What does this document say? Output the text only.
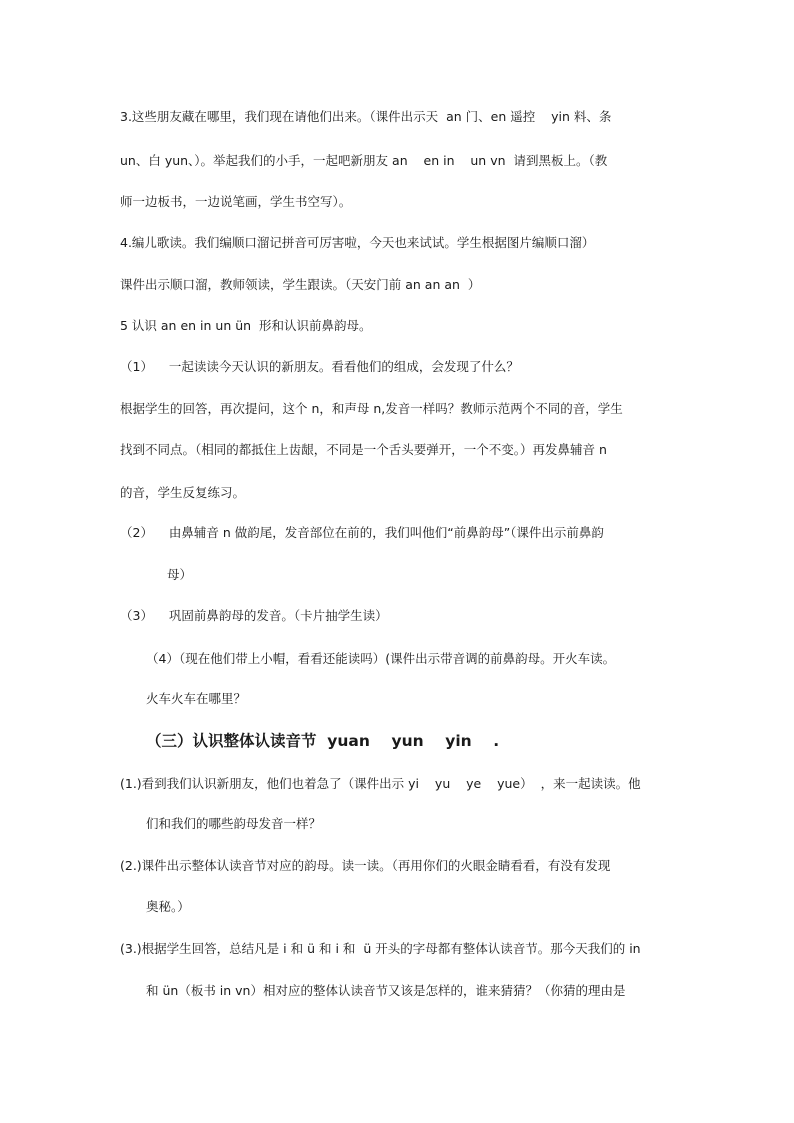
3.这些朋友藏在哪里，我们现在请他们出来。（课件出示天  an 门、en 遥控    yin 料、条
un、白 yun、）。举起我们的小手，一起吧新朋友 an    en in    un vn  请到黑板上。（教
师一边板书，一边说笔画，学生书空写）。
4.编儿歌读。我们编顺口溜记拼音可厉害啦，今天也来试试。学生根据图片编顺口溜）
课件出示顺口溜，教师领读，学生跟读。（天安门前 an an an  ）
5 认识 an en in un ün  形和认识前鼻韵母。
（1）    一起读读今天认识的新朋友。看看他们的组成，会发现了什么？
根据学生的回答，再次提问，这个 n，和声母 n,发音一样吗？教师示范两个不同的音，学生
找到不同点。（相同的都抵住上齿龈，不同是一个舌头要弹开，一个不变。）再发鼻辅音 n
的音，学生反复练习。
（2）    由鼻辅音 n 做韵尾，发音部位在前的，我们叫他们“前鼻韵母”（课件出示前鼻韵
母）
（3）    巩固前鼻韵母的发音。（卡片抽学生读）
（4）（现在他们带上小帽，看看还能读吗）(课件出示带音调的前鼻韵母。开火车读。
火车火车在哪里？
（三）认识整体认读音节  yuan    yun    yin    .
(1.)看到我们认识新朋友，他们也着急了（课件出示 yi    yu    ye    yue）  ，来一起读读。他
们和我们的哪些韵母发音一样？
(2.)课件出示整体认读音节对应的韵母。读一读。（再用你们的火眼金睛看看，有没有发现
奥秘。）
(3.)根据学生回答，总结凡是 i 和 ü 和 i 和  ü 开头的字母都有整体认读音节。那今天我们的 in
和 ün（板书 in vn）相对应的整体认读音节又该是怎样的，谁来猜猜？（你猜的理由是
